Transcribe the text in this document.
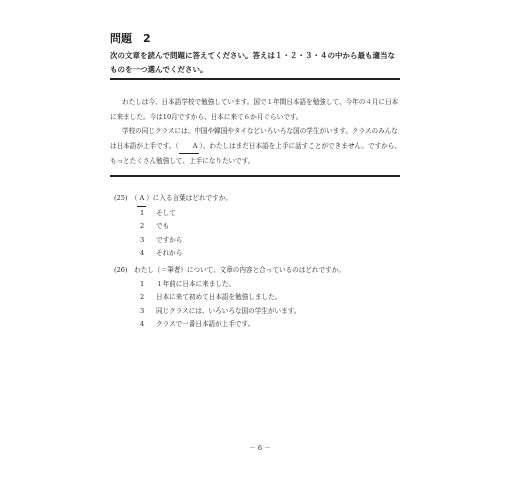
問題　2
次の文章を読んで問題に答えてください。答えは１・２・３・４の中から最も適当な
ものを一つ選んでください。

わたしは今、日本語学校で勉強しています。国で１年間日本語を勉強して、今年の４月に日本に来ました。今は10月ですから、日本に来て６か月ぐらいです。

学校の同じクラスには、中国や韓国やタイなどいろいろな国の学生がいます。クラスのみんなは日本語が上手です。（ A ）、わたしはまだ日本語を上手に話すことができません。ですから、もっとたくさん勉強して、上手になりたいです。

(25)　（ A ）に入る言葉はどれですか。

1	そして
2	でも
3	ですから
4	それから

(26)　 わたし（＝筆者）について、文章の内容と合っているのはどれですか。

1	１年前に日本に来ました。
2	日本に来て初めて日本語を勉強しました。
3	同じクラスには、いろいろな国の学生がいます。
4	クラスで一番日本語が上手です。
－ 6 －
